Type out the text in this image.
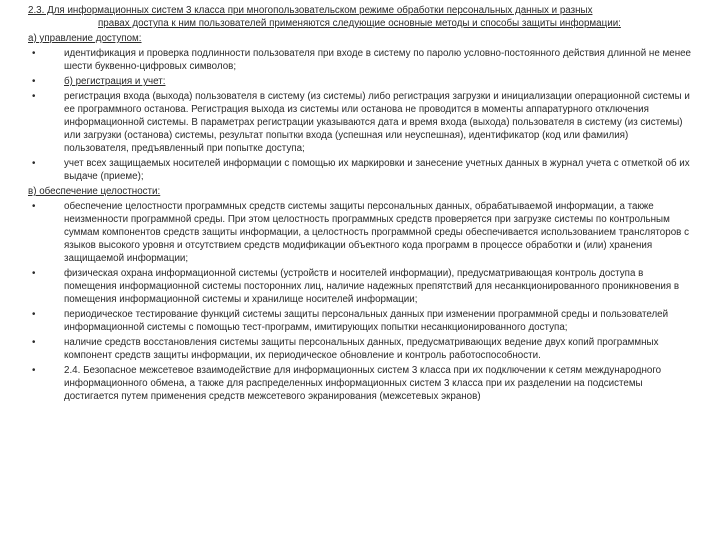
2.3. Для информационных систем 3 класса при многопользовательском режиме обработки персональных данных и разных
правах доступа к ним пользователей применяются следующие основные методы и способы защиты информации:

а) управление доступом:

•	идентификация и проверка подлинности пользователя при входе в систему по паролю условно-постоянного действия длинной не менее шести буквенно-цифровых символов;
•	б) регистрация и учет:
•	регистрация входа (выхода) пользователя в систему (из системы) либо регистрация загрузки и инициализации операционной системы и ее программного останова. Регистрация выхода из системы или останова не проводится в моменты аппаратурного отключения информационной системы. В параметрах регистрации указываются дата и время входа (выхода) пользователя в систему (из системы) или загрузки (останова) системы, результат попытки входа (успешная или неуспешная), идентификатор (код или фамилия) пользователя, предъявленный при попытке доступа;
•	учет всех защищаемых носителей информации с помощью их маркировки и занесение учетных данных в журнал учета с отметкой об их выдаче (приеме);

в) обеспечение целостности:

•	обеспечение целостности программных средств системы защиты персональных данных, обрабатываемой информации, а также неизменности программной среды. При этом целостность программных средств проверяется при загрузке системы по контрольным суммам компонентов средств защиты информации, а целостность программной среды обеспечивается использованием трансляторов с языков высокого уровня и отсутствием средств модификации объектного кода программ в процессе обработки и (или) хранения защищаемой информации;
•	физическая охрана информационной системы (устройств и носителей информации), предусматривающая контроль доступа в помещения информационной системы посторонних лиц, наличие надежных препятствий для несанкционированного проникновения в помещения информационной системы и хранилище носителей информации;
•	периодическое тестирование функций системы защиты персональных данных при изменении программной среды и пользователей информационной системы с помощью тест-программ, имитирующих попытки несанкционированного доступа;
•	наличие средств восстановления системы защиты персональных данных, предусматривающих ведение двух копий программных компонент средств защиты информации, их периодическое обновление и контроль работоспособности.
•	2.4. Безопасное межсетевое взаимодействие для информационных систем 3 класса при их подключении к сетям международного информационного обмена, а также для распределенных информационных систем 3 класса при их разделении на подсистемы достигается путем применения средств межсетевого экранирования (межсетевых экранов)
